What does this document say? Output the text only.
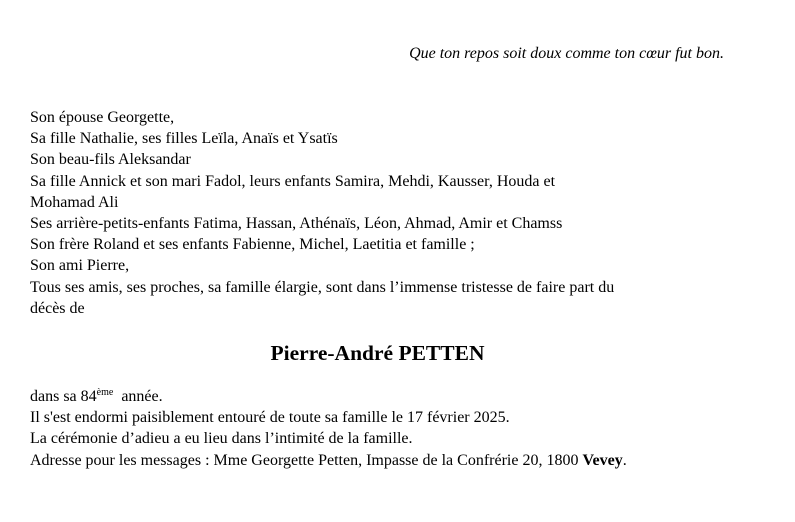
Que ton repos soit doux comme ton cœur fut bon.
Son épouse Georgette,
Sa fille Nathalie, ses filles Leïla, Anaïs et Ysatïs
Son beau-fils Aleksandar
Sa fille Annick et son mari Fadol, leurs enfants Samira, Mehdi, Kausser, Houda et
Mohamad Ali
Ses arrière-petits-enfants Fatima, Hassan, Athénaïs, Léon, Ahmad, Amir et Chamss
Son frère Roland et ses enfants Fabienne, Michel, Laetitia et famille ;
Son ami Pierre,
Tous ses amis, ses proches, sa famille élargie, sont dans l’immense tristesse de faire part du
décès de
Pierre-André PETTEN
dans sa 84ème  année.
Il s'est endormi paisiblement entouré de toute sa famille le 17 février 2025.
La cérémonie d’adieu a eu lieu dans l’intimité de la famille.
Adresse pour les messages : Mme Georgette Petten, Impasse de la Confrérie 20, 1800 Vevey.
